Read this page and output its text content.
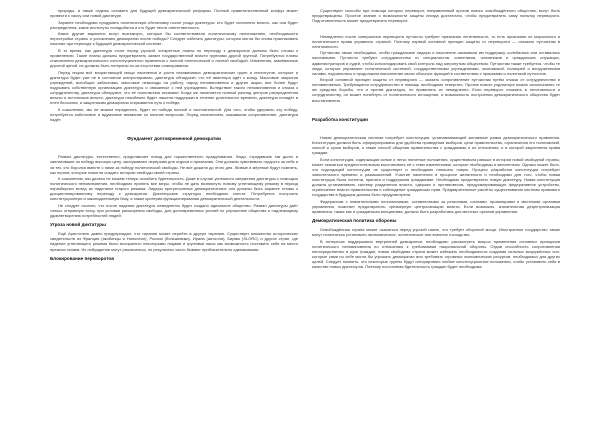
природы, а также отделы оставить для будущей демократической реформы. Полный правительственный конфуз может привести к хаосу или новой диктатуре.

Заранее необходимо продумать политическую обстановку после ухода диктатуры: кто будет исполнять власть, как она будет распределена, какие институты понадобятся и кто будет нести ответственность.

Какие другие варианты могут возникнуть, которые бы соответствовали политическому непонижению, необходимости перестройки страны и успокоению демократии после победы? Следует избегать диктатуры, которая могла бы снова практиковать насилие при переходе к будущей демократической системе.

В то время, как диктатура стоит перед угрозой, конкретные планы по переходу к демократии должны быть готовы к применению. Такие планы должны предотвратить захват государственной власти группами другой группой. Потребуются планы становления демократического конституционного правления с полной политической и личной свободой. Изменения, завоёванные дорогой ценой, не должны быть потеряны из-за отсутствия планирования.

Перед лицом всё возрастающей мощи населения и роста независимых демократических групп и институтов, которые и диктатура будет уже не в состоянии контролировать, диктатура обнаружит, что её авантюра идёт к концу. Массовые закрытия учреждений, всеобщие забастовки, массовые невыходы на работу, народ неповиновения и другие акции, все более будут подрывать собственную организацию диктатуры и связанные с ней учреждения. Вследствие такого неповиновения и отказа к сотрудничеству, диктатура обнаружит, что её полномочия иссякают. Когда же начинается полный распад центров распределения власти и источников власти, диктатура неизбежно будет лишена поддержки в течение длительного времени, диктатура попадёт в плен бессилия, и защитникам демократии открывается путь к победе.

К сожалению, мы не можем определить, будет ли победа полной и окончательной. Для того, чтобы удержать эту победу, потребуется заботливое и вдумчивое внимание ко многим вопросам. Перед населением, оказавшим сопротивление, диктатура падёт.

Фундамент долговременной демократии

Развал диктатуры, естественно, представляет повод для торжественного празднования. Люди, страдавшие так долго и заплатившие за победу высокую цену, заслуживают перерыва для отдыха и признания. Они должны чувствовать гордость за себя и за тех, кто боролся вместе с ними за победу политической свободы. Не все дожили до этого дня. Живые и мёртвые будут помнить, как героев, которые помогли создать историю свободы своей страны.

К сожалению, мы далеко не можем теперь ослабить бдительность. Даже в случае успешного свержения диктатуры с помощью политического неповиновения, необходимо принять все меры, чтобы не дать возникнуть новому угнетающему режиму в период неразберихи вслед за падением старого режима. Лидеры прогрессивных демократических сил должны быть заранее готовы к дисциплинированному переходу к демократии. Диктаторские структуры необходимо снести. Потребуется построить конституционную и законодательную базу, а также критерии функционирования демократической деятельности.

Не следует считать, что после падения диктатуры немедленно будет создано идеальное общество. Развал диктатуры даёт только отправную точку, при условии расширения свободы, для долговременных усилий по улучшению общества и надлежащему удовлетворению потребностей людей.

Угроза новой диктатуры

Ещё Аристотель давно предупреждал, что тирания может перейти в другую тиранию. Существует множество исторических свидетельств из Франции (якобинцы и Наполеон), России (большевики), Ирана (аятолла), Бирмы (SLORC) и других стран, где падение угнетающего режима было воспринято некоторыми лицами и группами лишь как возможность поставить себя на место прежних хозяев. Их побуждения могут различаться, но результаты часто бывают приблизительно одинаковыми.

Блокирование переворотов

Существуют способы при помощи которых переворот, направленный против нового освобождённого общества, могут быть предотвращены. Простое знание о возможности защиты иногда достаточно, чтобы предотвратить саму попытку переворота. Подготовленность может предотвратить переворот.

Немедленно после совершения переворота путчисты требуют признания легитимности, то есть признания их морального и политического права управлять страной. Поэтому первый основной принцип защиты от переворота — отказать путчистам в легитимности.

Путчистам также необходимо, чтобы гражданские лидеры и население оказывали им поддержку, колебались или оставались пассивными. Путчисты требуют сотрудничества от специалистов, советников, чиновников и гражданских служащих, администраторов и судей, чтобы консолидировать свой контроль над затронутым обществом. Путчистам также требуется, чтобы те люди, которые управляют политической системой, государственными учреждениями, экономикой, полицией и вооружёнными силами, подчинились и продолжили выполнение своих обычных функций в соответствии с приказами и политикой путчистов.

Второй основной принцип защиты от переворота — оказать сопротивление путчистам путём отказа от сотрудничества и неповиновения. Требующиеся сотрудничество и помощь необходимо отвергать. Против нового узурпатора можно использовать те же средства борьбы, что и против диктатуры, но применять их немедленно. Если переворот отказать в легитимности и сотрудничеству, он может погибнуть от политического истощения, и возможность построения демократического общества будет восстановлена.

Разработка конституции

Новая демократическая система потребует конституции, устанавливающей желаемые рамки демократического правления. Конституция должна быть сформулирована для удобства проведения выборов, цели правительства, ограничения его полномочий, способ и сроки выборов, а также способ общения правительства с гражданами и их отношения, и в которой закреплены права граждан.

Если конституция, содержащая ясные и легко понятные положения, существовала раньше в истории новой свободной страны, может оказаться предпочтительным восстановить её с теми изменениями, которые необходимы и желательны. Однако может быть, что подходящей конституции не существует и необходимо написать новую. Процесс разработки конституции потребует значительного времени и размышлений. Участие населения в процессе желательно и необходимо для того, чтобы новая конституция была понятна, принята и поддержана гражданами. Необходимо предотвратить новую диктатуру. Новая конституция должна устанавливать систему разделения власти, сдержек и противовесов, предусматривающую федеративное устройство, ограничение власти правительства и соблюдение гражданских прав. Предварительные расчёты существования системы правового государства в будущем должна быть предусмотрена.

Федерализм с значительными полномочиями, оставленными за регионами, штатами, провинциями и местными органами управления, помогает предотвратить чрезмерную централизацию власти. Если возможно, значительная децентрализация правления, также как и гражданская инициатива, должна быть разработана для местных органов управления.

Демократическая политика обороны

Освобождённая страна может оказаться перед угрозой извне, что требует обороной мощи. Иностранное государство также могут попытаться установить экономическое, политическое или военное господство.

В интересах поддержания внутренней демократии, необходимо рассмотреть вопрос применения основных принципов политического неповиновения по отношению к требованиям национальной обороны. Отдав способность сопротивления непосредственно в руки граждан, новая свободная страна может избежать необходимости создания сильных вооружённых сил, которые сами по себе могли бы угрожать демократии или требовать огромных экономических ресурсов, необходимых для других целей. Следует помнить, что некоторые группы будут игнорировать любые конституционные положения, чтобы установить себя в качестве новых диктаторов. Поэтому постоянная бдительность граждан будет необходима.
